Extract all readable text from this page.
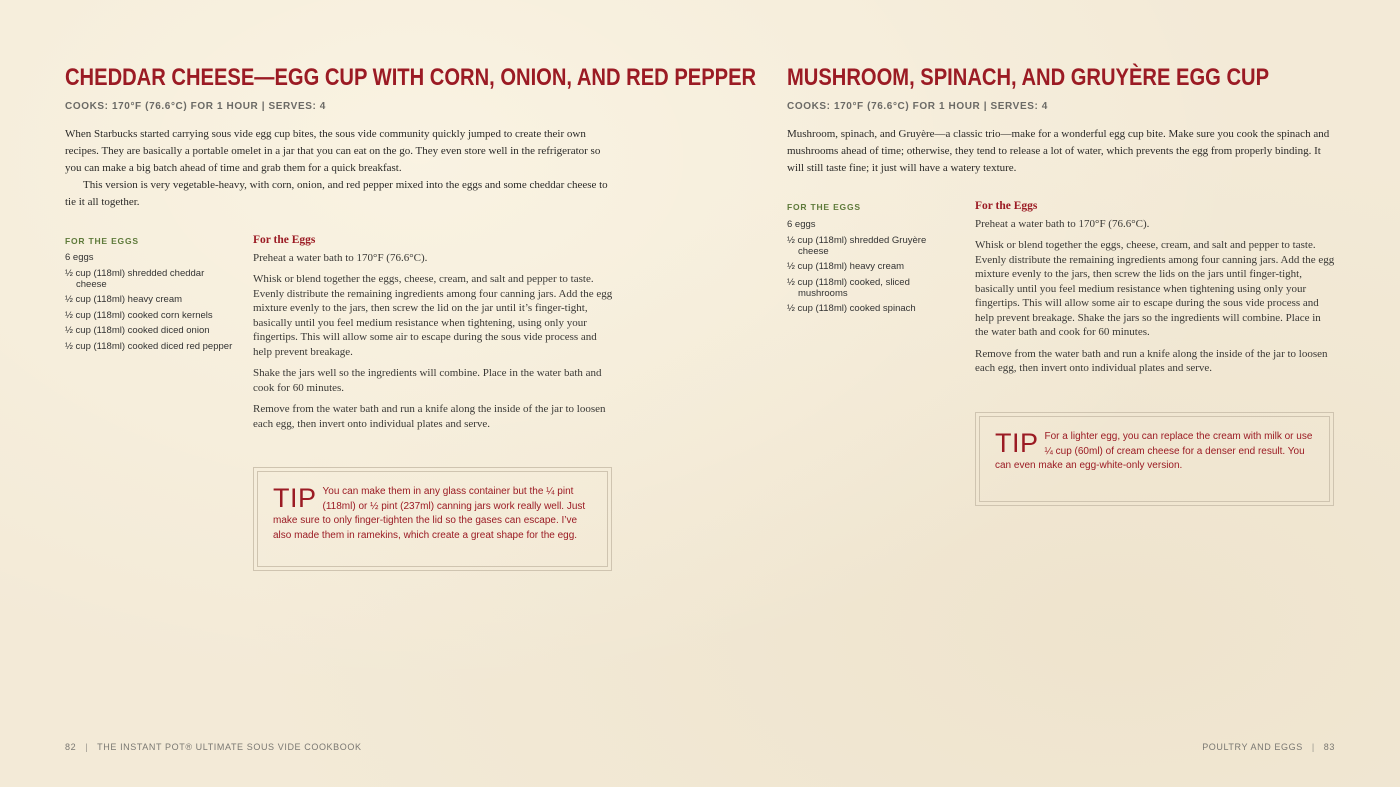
CHEDDAR CHEESE—EGG CUP WITH CORN, ONION, AND RED PEPPER
COOKS: 170°F (76.6°C) FOR 1 HOUR | SERVES: 4

When Starbucks started carrying sous vide egg cup bites, the sous vide community quickly jumped to create their own recipes. They are basically a portable omelet in a jar that you can eat on the go. They even store well in the refrigerator so you can make a big batch ahead of time and grab them for a quick breakfast.

This version is very vegetable-heavy, with corn, onion, and red pepper mixed into the eggs and some cheddar cheese to tie it all together.

FOR THE EGGS
6 eggs
½ cup (118ml) shredded cheddar cheese
½ cup (118ml) heavy cream
½ cup (118ml) cooked corn kernels
½ cup (118ml) cooked diced onion
½ cup (118ml) cooked diced red pepper
For the Eggs

Preheat a water bath to 170°F (76.6°C).

Whisk or blend together the eggs, cheese, cream, and salt and pepper to taste. Evenly distribute the remaining ingredients among four canning jars. Add the egg mixture evenly to the jars, then screw the lid on the jar until it’s finger-tight, basically until you feel medium resistance when tightening, using only your fingertips. This will allow some air to escape during the sous vide process and help prevent breakage.

Shake the jars well so the ingredients will combine. Place in the water bath and cook for 60 minutes.

Remove from the water bath and run a knife along the inside of the jar to loosen each egg, then invert onto individual plates and serve.

TIP You can make them in any glass container but the ¼ pint (118ml) or ½ pint (237ml) canning jars work really well. Just make sure to only finger-tighten the lid so the gases can escape. I’ve also made them in ramekins, which create a great shape for the egg.
82 | THE INSTANT POT® ULTIMATE SOUS VIDE COOKBOOK
MUSHROOM, SPINACH, AND GRUYÈRE EGG CUP
COOKS: 170°F (76.6°C) FOR 1 HOUR | SERVES: 4

Mushroom, spinach, and Gruyère—a classic trio—make for a wonderful egg cup bite. Make sure you cook the spinach and mushrooms ahead of time; otherwise, they tend to release a lot of water, which prevents the egg from properly binding. It will still taste fine; it just will have a watery texture.

FOR THE EGGS
6 eggs
½ cup (118ml) shredded Gruyère cheese
½ cup (118ml) heavy cream
½ cup (118ml) cooked, sliced mushrooms
½ cup (118ml) cooked spinach
For the Eggs

Preheat a water bath to 170°F (76.6°C).

Whisk or blend together the eggs, cheese, cream, and salt and pepper to taste. Evenly distribute the remaining ingredients among four canning jars. Add the egg mixture evenly to the jars, then screw the lids on the jars until finger-tight, basically until you feel medium resistance when tightening using only your fingertips. This will allow some air to escape during the sous vide process and help prevent breakage. Shake the jars so the ingredients will combine. Place in the water bath and cook for 60 minutes.

Remove from the water bath and run a knife along the inside of the jar to loosen each egg, then invert onto individual plates and serve.

TIP For a lighter egg, you can replace the cream with milk or use ¼ cup (60ml) of cream cheese for a denser end result. You can even make an egg-white-only version.
POULTRY AND EGGS | 83
